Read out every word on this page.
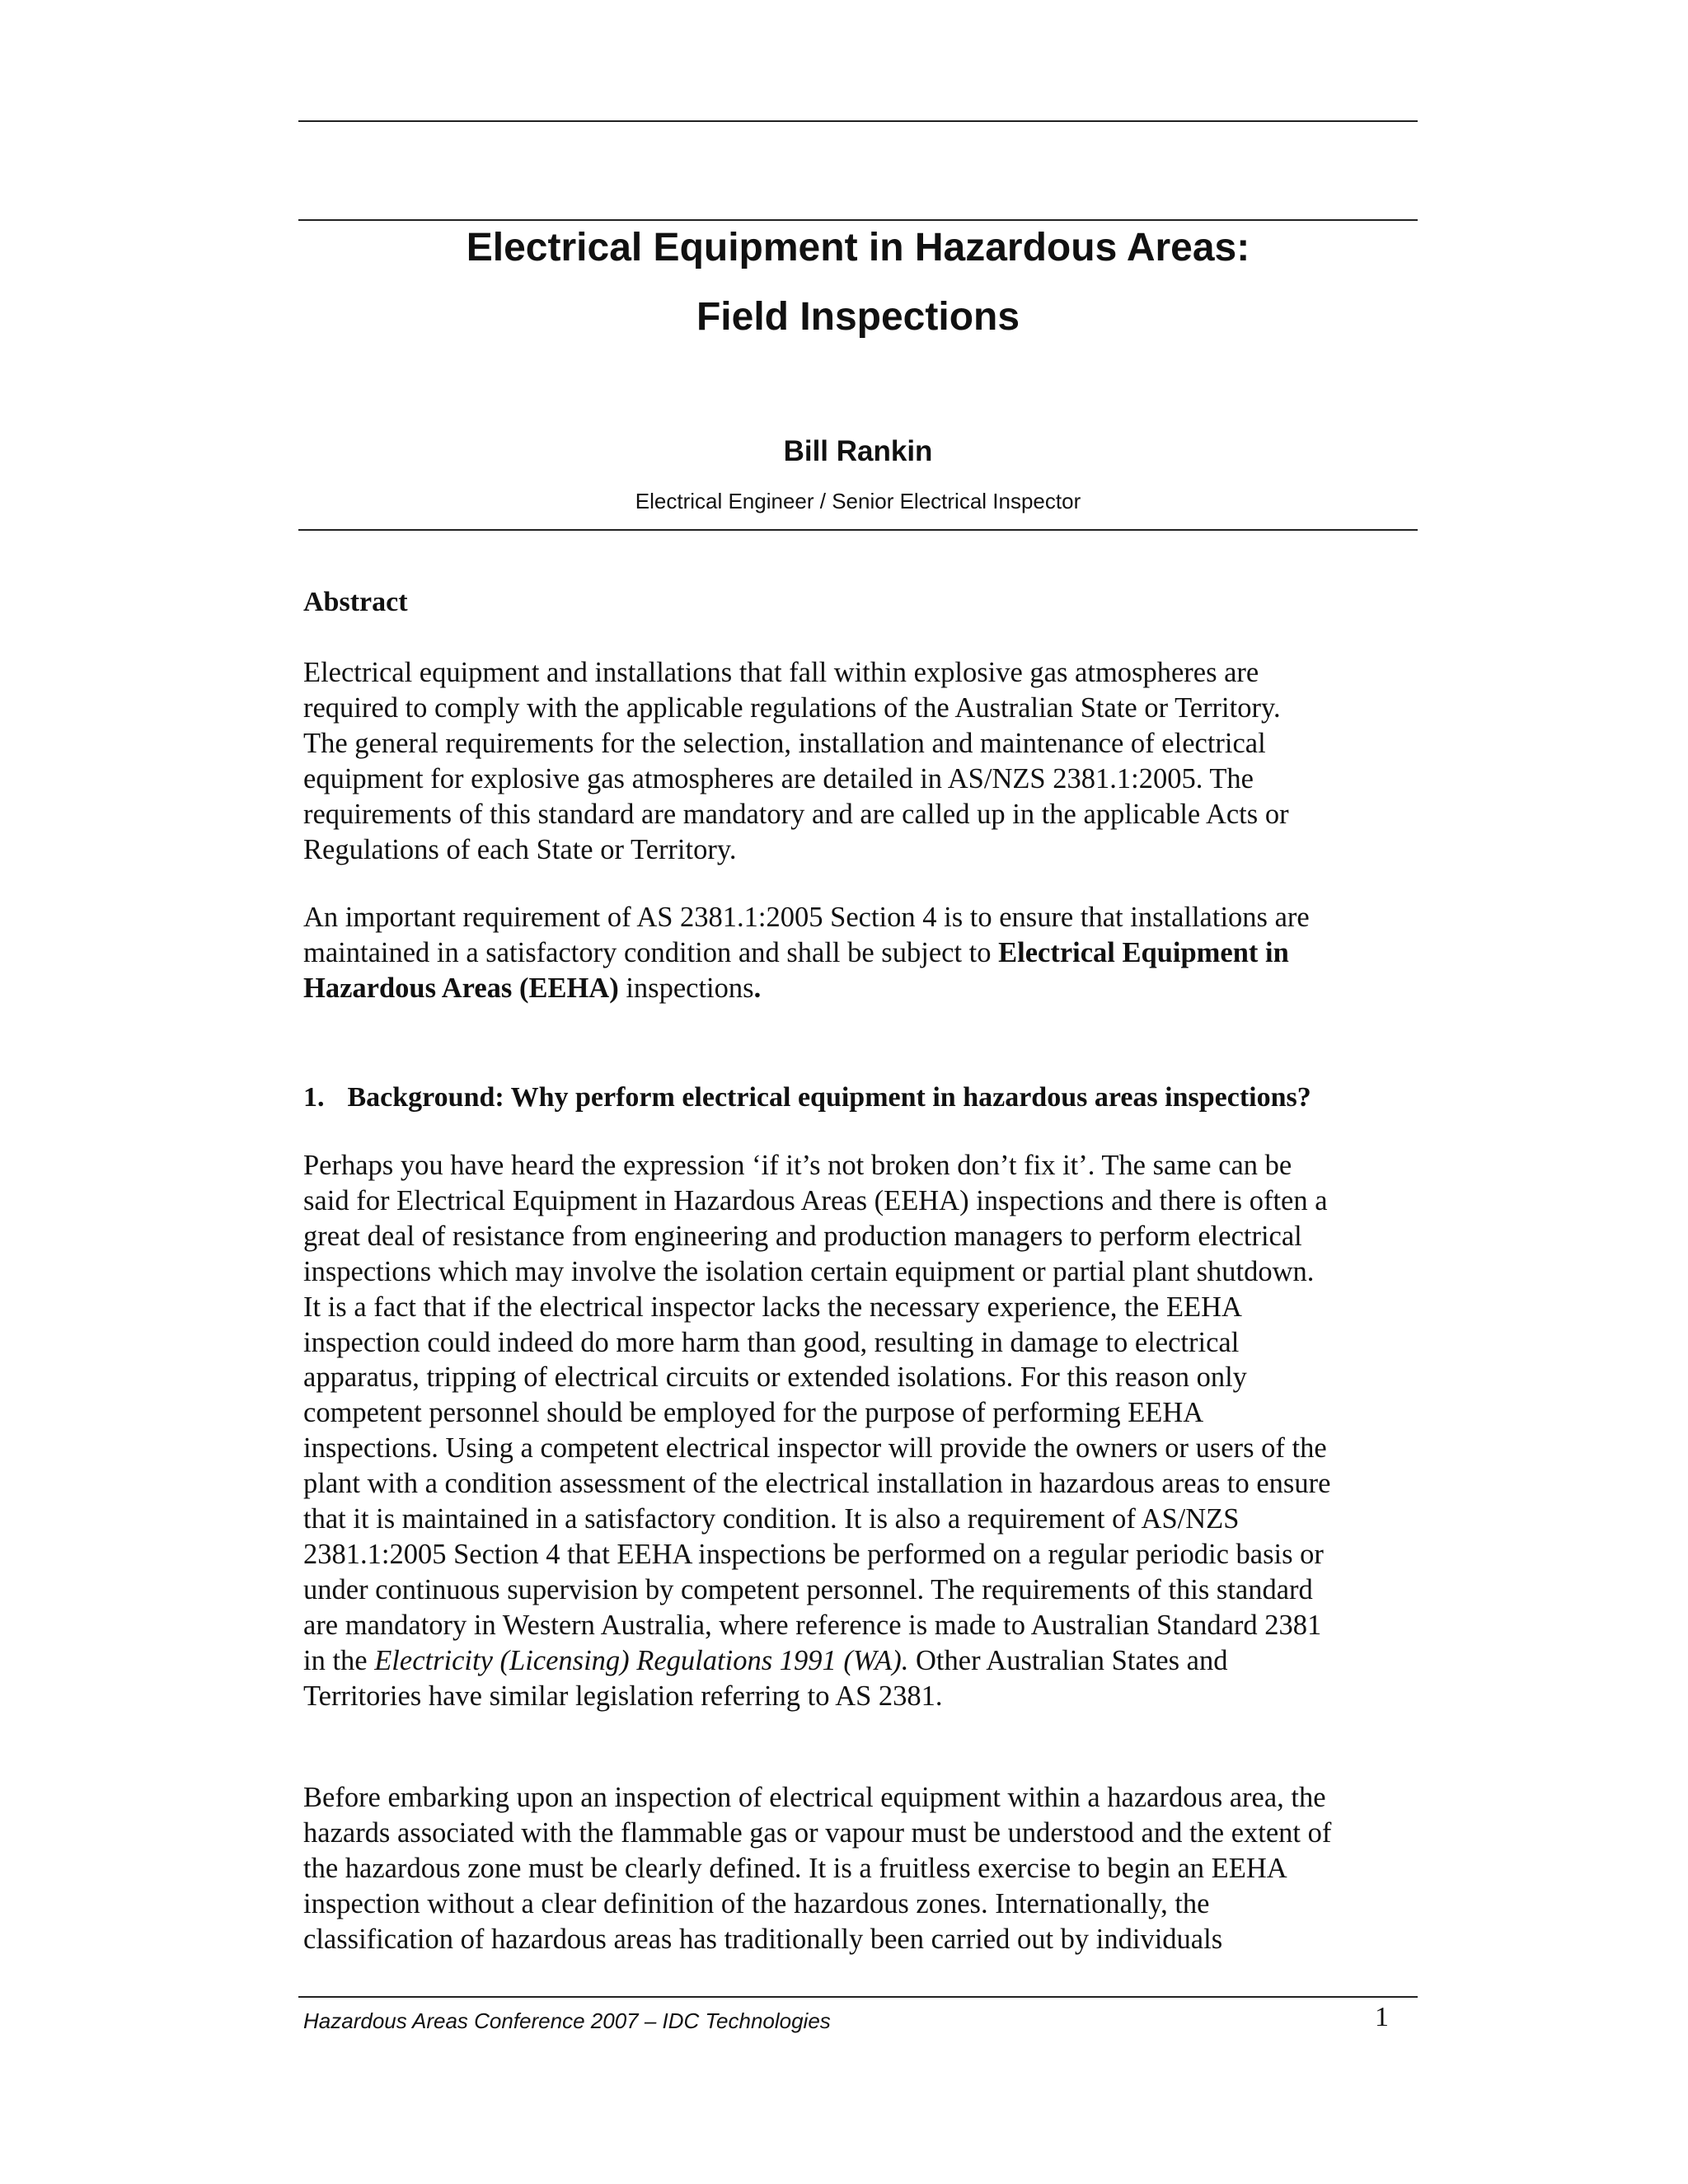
Electrical Equipment in Hazardous Areas:
Field Inspections
Bill Rankin
Electrical Engineer / Senior Electrical Inspector
Abstract
Electrical equipment and installations that fall within explosive gas atmospheres are
required to comply with the applicable regulations of the Australian State or Territory.
The general requirements for the selection, installation and maintenance of electrical
equipment for explosive gas atmospheres are detailed in AS/NZS 2381.1:2005. The
requirements of this standard are mandatory and are called up in the applicable Acts or
Regulations of each State or Territory.
An important requirement of AS 2381.1:2005 Section 4 is to ensure that installations are
maintained in a satisfactory condition and shall be subject to Electrical Equipment in
Hazardous Areas (EEHA) inspections.
1. Background: Why perform electrical equipment in hazardous areas inspections?
Perhaps you have heard the expression ‘if it’s not broken don’t fix it’. The same can be
said for Electrical Equipment in Hazardous Areas (EEHA) inspections and there is often a
great deal of resistance from engineering and production managers to perform electrical
inspections which may involve the isolation certain equipment or partial plant shutdown.
It is a fact that if the electrical inspector lacks the necessary experience, the EEHA
inspection could indeed do more harm than good, resulting in damage to electrical
apparatus, tripping of electrical circuits or extended isolations. For this reason only
competent personnel should be employed for the purpose of performing EEHA
inspections. Using a competent electrical inspector will provide the owners or users of the
plant with a condition assessment of the electrical installation in hazardous areas to ensure
that it is maintained in a satisfactory condition. It is also a requirement of AS/NZS
2381.1:2005 Section 4 that EEHA inspections be performed on a regular periodic basis or
under continuous supervision by competent personnel. The requirements of this standard
are mandatory in Western Australia, where reference is made to Australian Standard 2381
in the Electricity (Licensing) Regulations 1991 (WA). Other Australian States and
Territories have similar legislation referring to AS 2381.
Before embarking upon an inspection of electrical equipment within a hazardous area, the
hazards associated with the flammable gas or vapour must be understood and the extent of
the hazardous zone must be clearly defined. It is a fruitless exercise to begin an EEHA
inspection without a clear definition of the hazardous zones. Internationally, the
classification of hazardous areas has traditionally been carried out by individuals
Hazardous Areas Conference 2007 – IDC Technologies	1
